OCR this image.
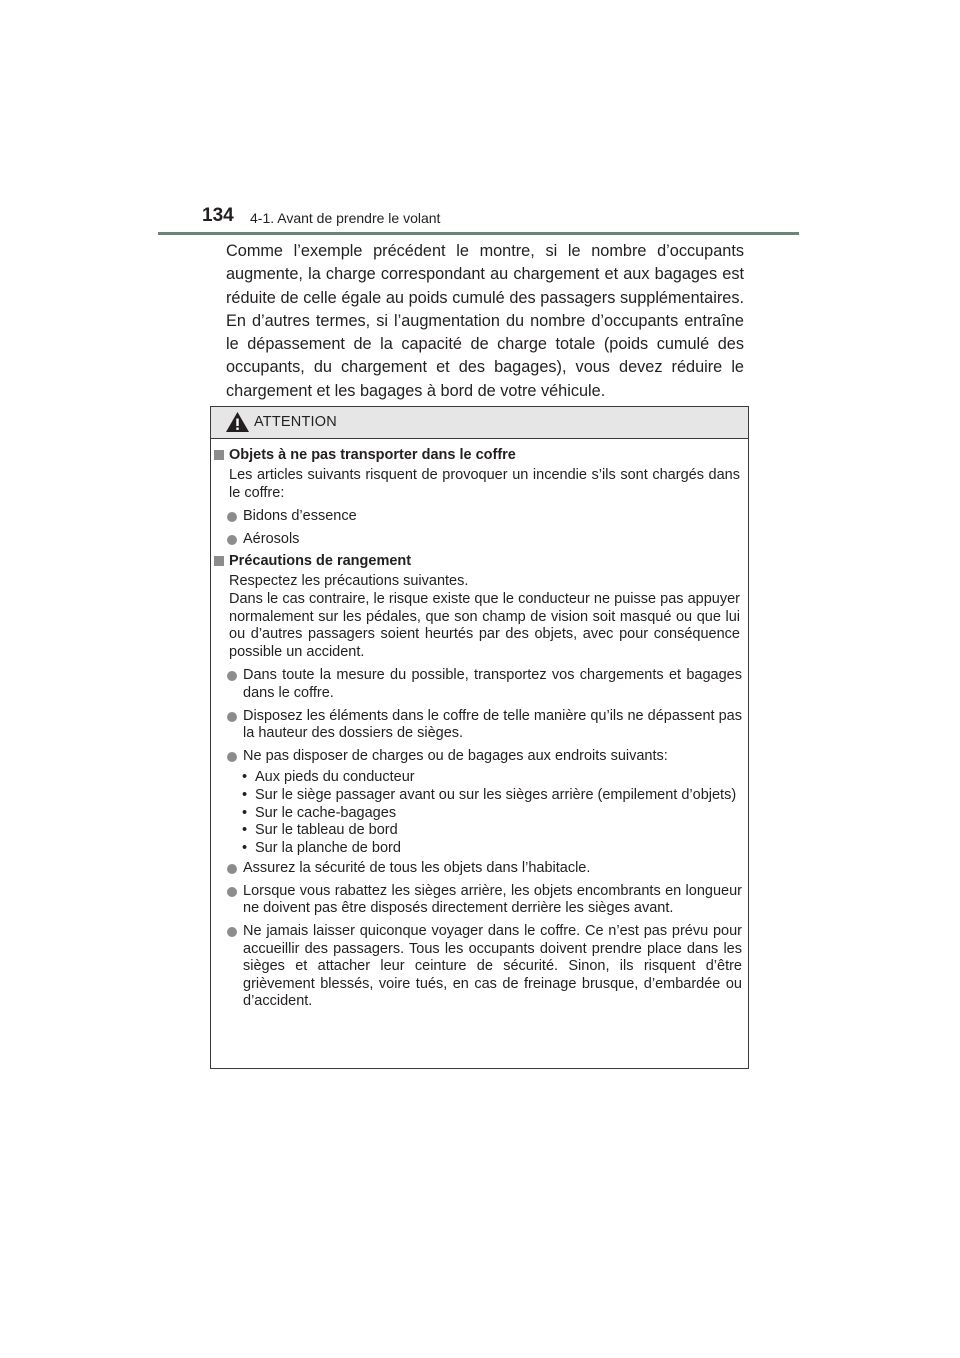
134 4-1. Avant de prendre le volant

Comme l’exemple précédent le montre, si le nombre d’occupants augmente, la charge correspondant au chargement et aux bagages est réduite de celle égale au poids cumulé des passagers supplémentaires. En d’autres termes, si l’augmentation du nombre d’occupants entraîne le dépassement de la capacité de charge totale (poids cumulé des occupants, du chargement et des bagages), vous devez réduire le chargement et les bagages à bord de votre véhicule.

ATTENTION
Objets à ne pas transporter dans le coffre

Les articles suivants risquent de provoquer un incendie s’ils sont chargés dans le coffre:

Bidons d’essence
Aérosols
Précautions de rangement

Respectez les précautions suivantes.

Dans le cas contraire, le risque existe que le conducteur ne puisse pas appuyer normalement sur les pédales, que son champ de vision soit masqué ou que lui ou d’autres passagers soient heurtés par des objets, avec pour conséquence possible un accident.

Dans toute la mesure du possible, transportez vos chargements et bagages dans le coffre.
Disposez les éléments dans le coffre de telle manière qu’ils ne dépassent pas la hauteur des dossiers de sièges.
Ne pas disposer de charges ou de bagages aux endroits suivants:
• Aux pieds du conducteur
• Sur le siège passager avant ou sur les sièges arrière (empilement d’objets)
• Sur le cache-bagages
• Sur le tableau de bord
• Sur la planche de bord
Assurez la sécurité de tous les objets dans l’habitacle.
Lorsque vous rabattez les sièges arrière, les objets encombrants en longueur ne doivent pas être disposés directement derrière les sièges avant.
Ne jamais laisser quiconque voyager dans le coffre. Ce n’est pas prévu pour accueillir des passagers. Tous les occupants doivent prendre place dans les sièges et attacher leur ceinture de sécurité. Sinon, ils risquent d’être grièvement blessés, voire tués, en cas de freinage brusque, d’embardée ou d’accident.
